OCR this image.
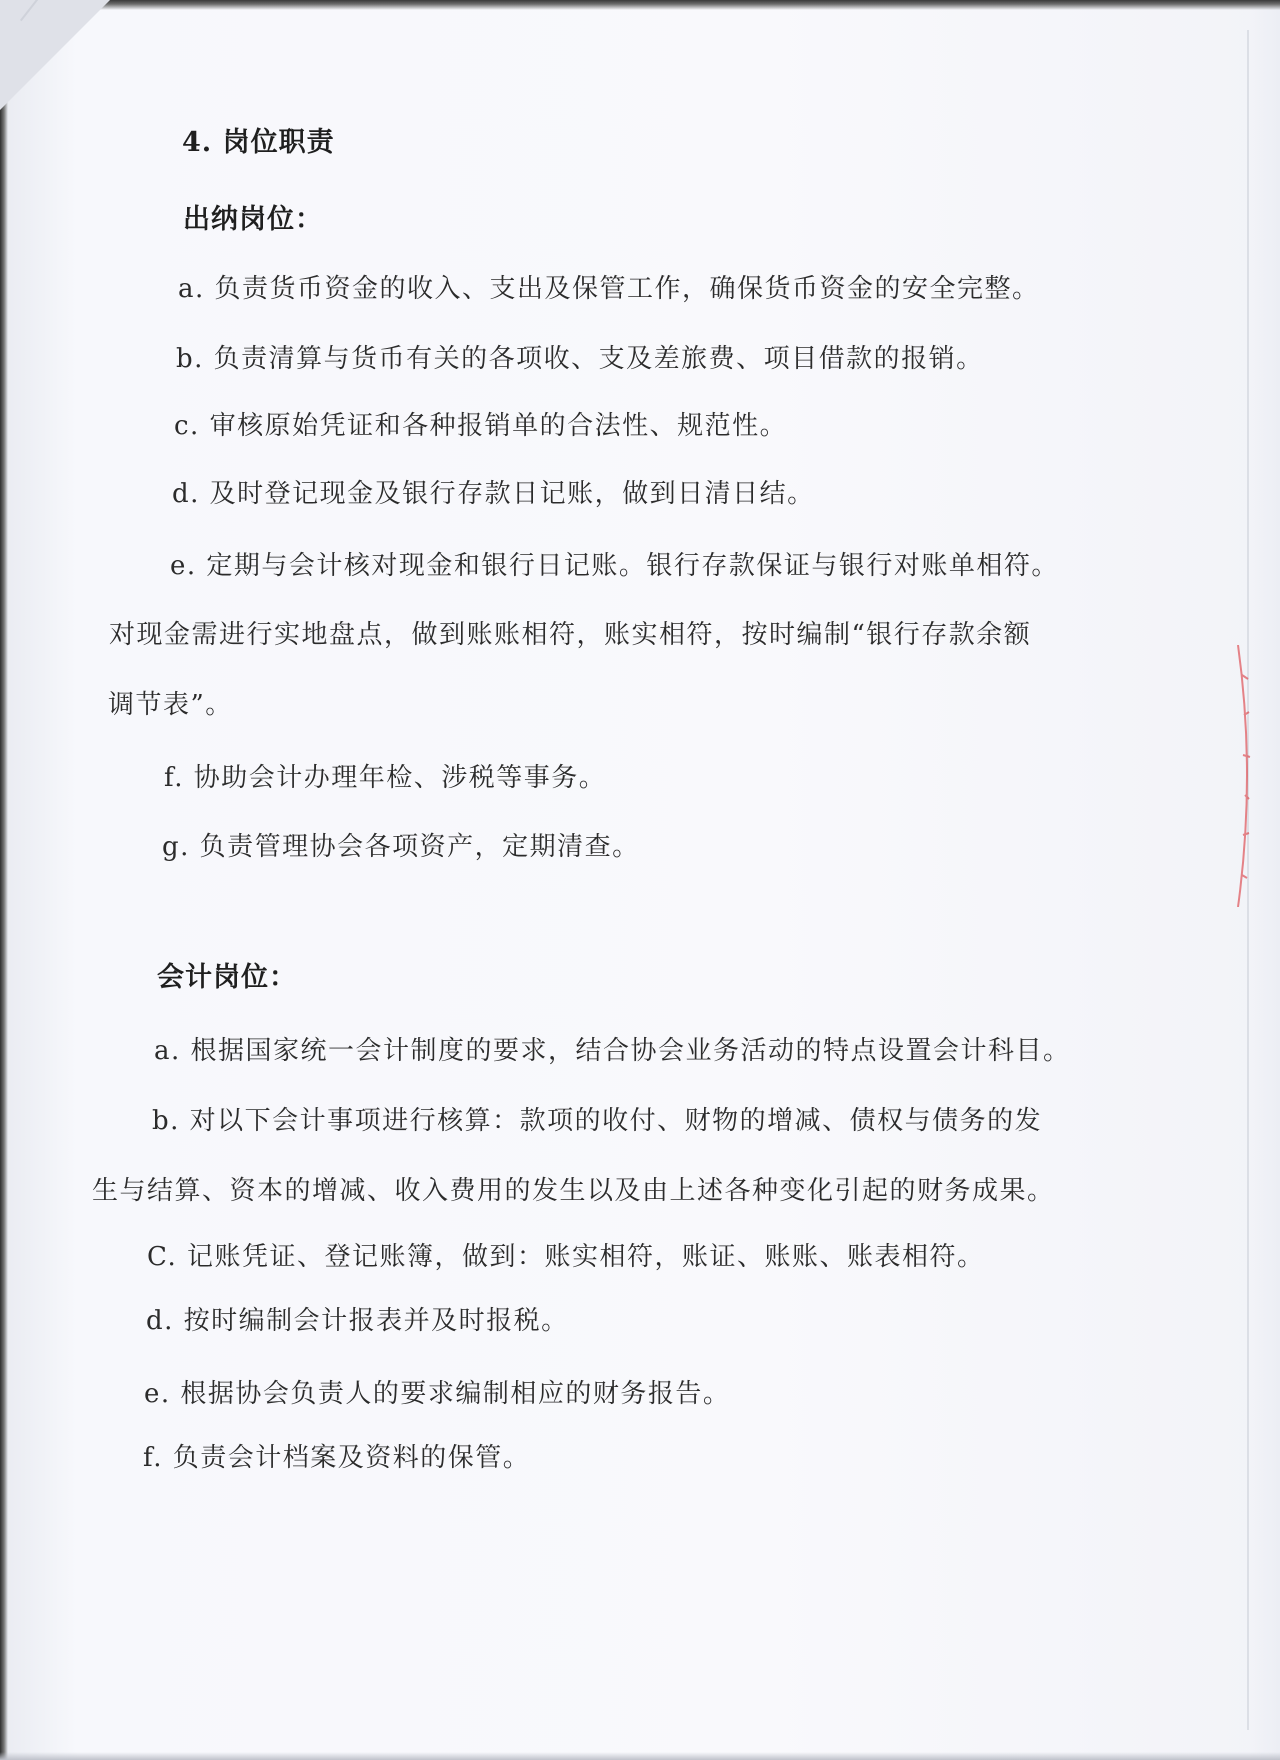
4. 岗位职责
出纳岗位：
a. 负责货币资金的收入、支出及保管工作，确保货币资金的安全完整。
b. 负责清算与货币有关的各项收、支及差旅费、项目借款的报销。
c. 审核原始凭证和各种报销单的合法性、规范性。
d. 及时登记现金及银行存款日记账，做到日清日结。
e. 定期与会计核对现金和银行日记账。银行存款保证与银行对账单相符。
对现金需进行实地盘点，做到账账相符，账实相符，按时编制“银行存款余额
调节表”。
f. 协助会计办理年检、涉税等事务。
g. 负责管理协会各项资产，定期清查。
会计岗位：
a. 根据国家统一会计制度的要求，结合协会业务活动的特点设置会计科目。
b. 对以下会计事项进行核算：款项的收付、财物的增减、债权与债务的发
生与结算、资本的增减、收入费用的发生以及由上述各种变化引起的财务成果。
C. 记账凭证、登记账簿，做到：账实相符，账证、账账、账表相符。
d. 按时编制会计报表并及时报税。
e. 根据协会负责人的要求编制相应的财务报告。
f. 负责会计档案及资料的保管。
